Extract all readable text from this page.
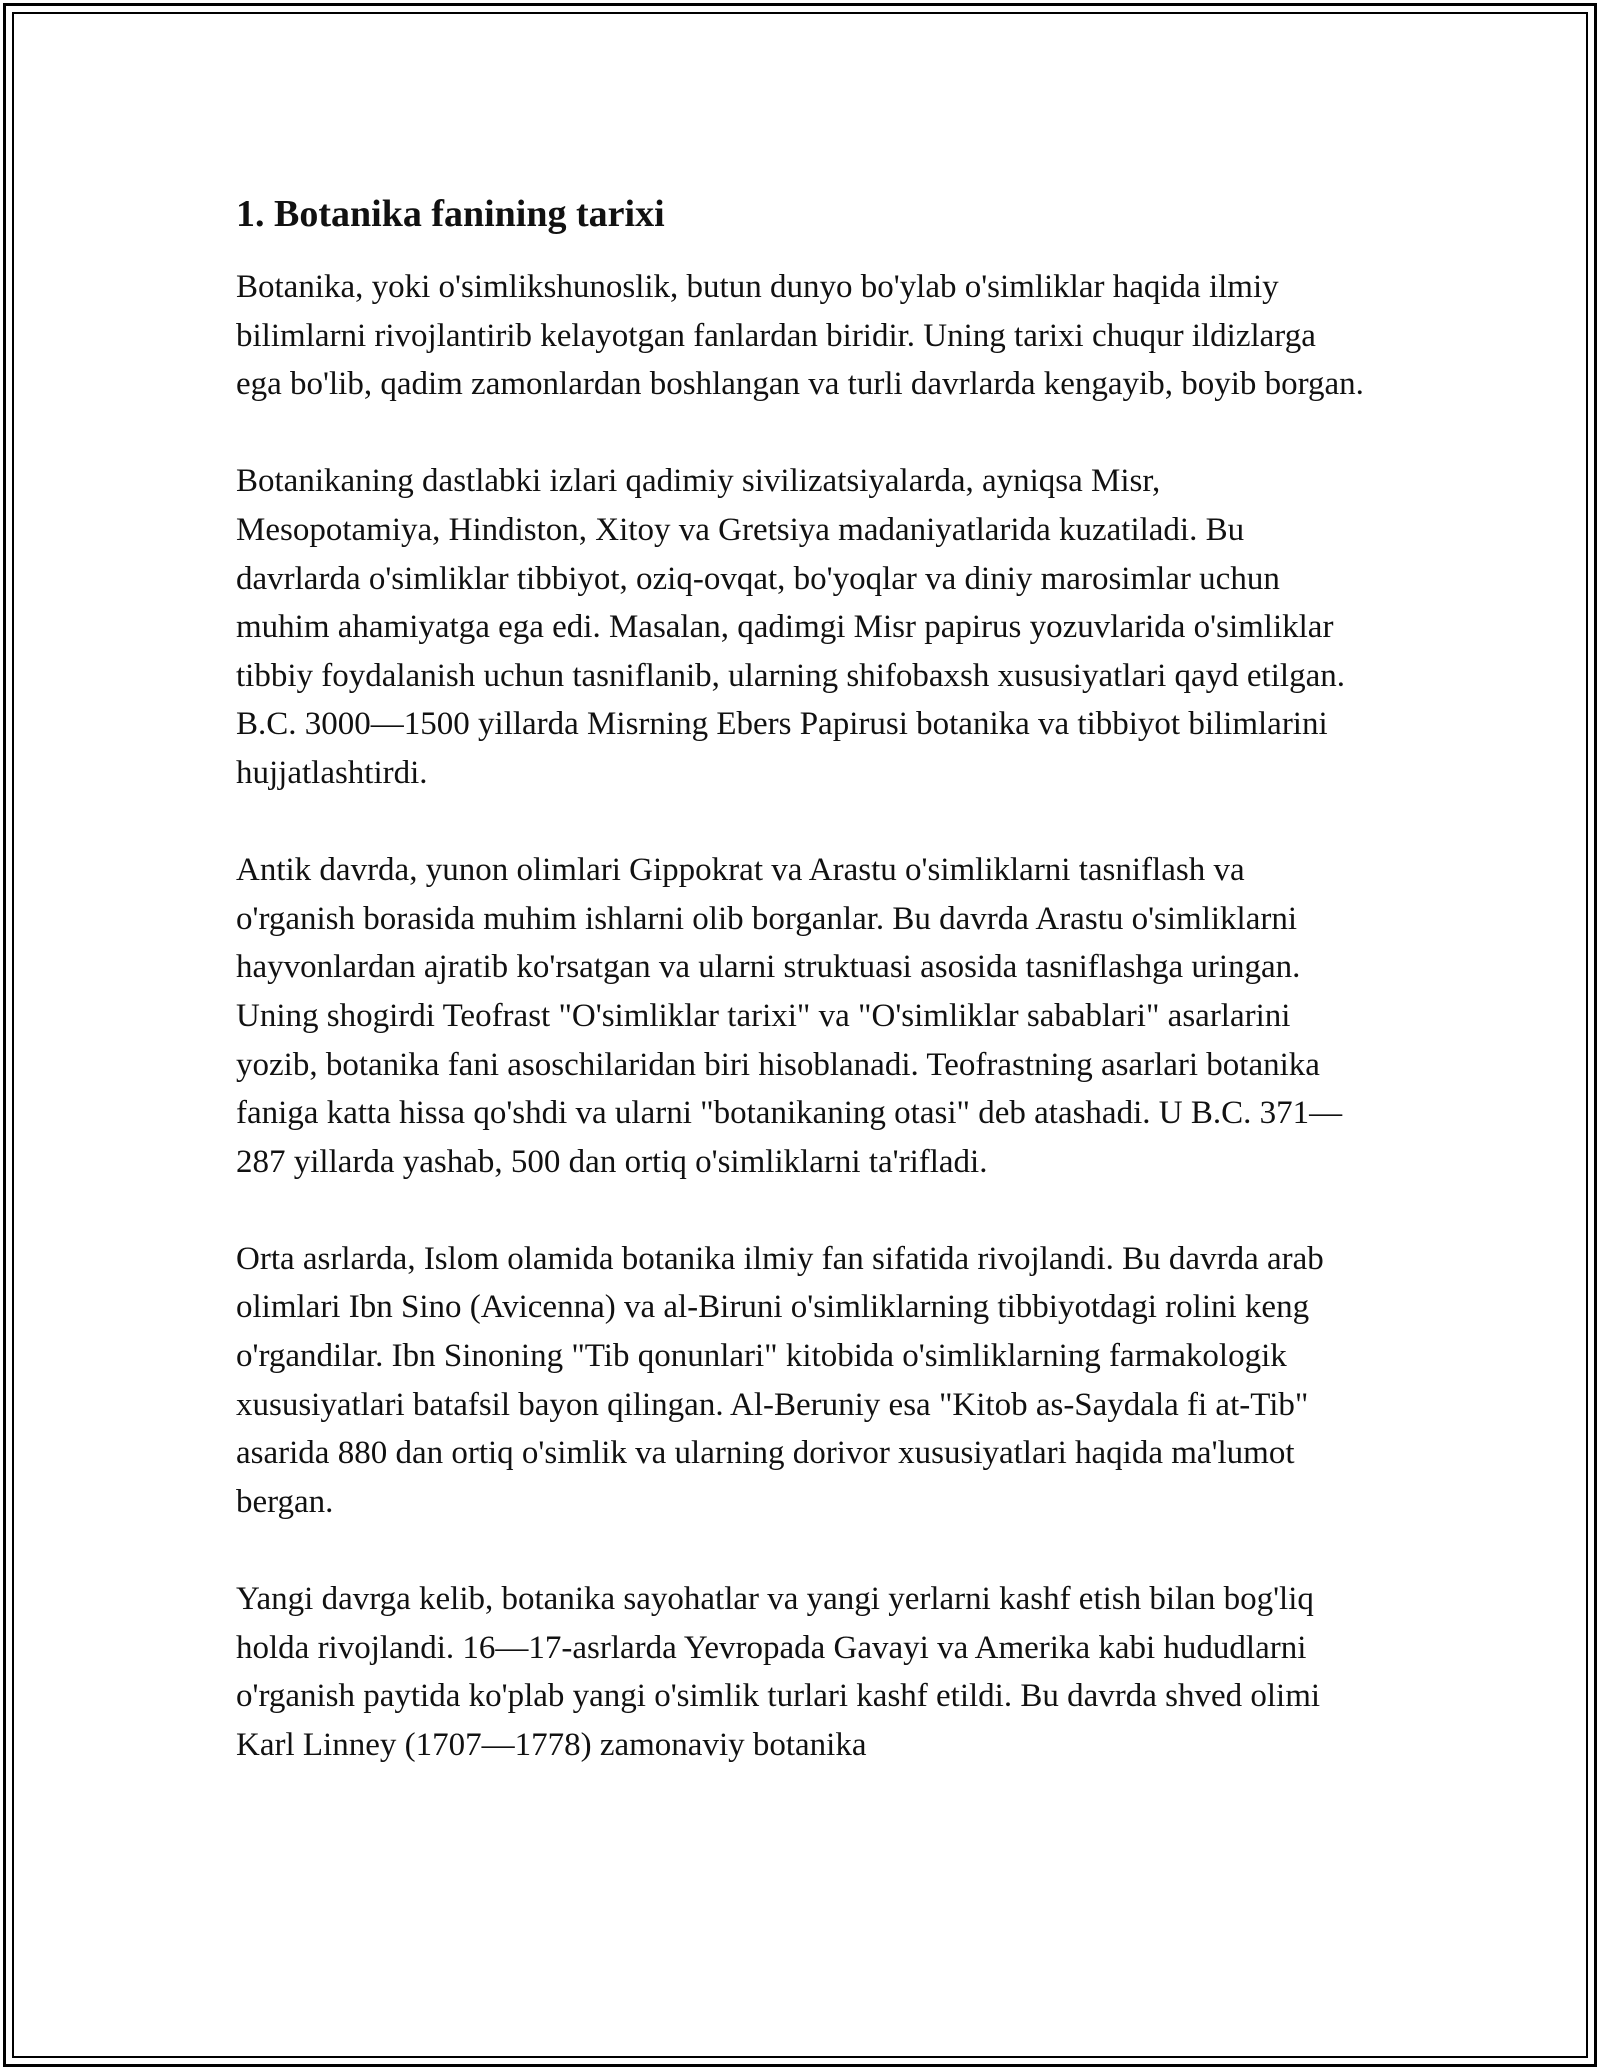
1. Botanika fanining tarixi

Botanika, yoki o'simlikshunoslik, butun dunyo bo'ylab o'simliklar haqida ilmiy bilimlarni rivojlantirib kelayotgan fanlardan biridir. Uning tarixi chuqur ildizlarga ega bo'lib, qadim zamonlardan boshlangan va turli davrlarda kengayib, boyib borgan.

Botanikaning dastlabki izlari qadimiy sivilizatsiyalarda, ayniqsa Misr, Mesopotamiya, Hindiston, Xitoy va Gretsiya madaniyatlarida kuzatiladi. Bu davrlarda o'simliklar tibbiyot, oziq-ovqat, bo'yoqlar va diniy marosimlar uchun muhim ahamiyatga ega edi. Masalan, qadimgi Misr papirus yozuvlarida o'simliklar tibbiy foydalanish uchun tasniflanib, ularning shifobaxsh xususiyatlari qayd etilgan. B.C. 3000—1500 yillarda Misrning Ebers Papirusi botanika va tibbiyot bilimlarini hujjatlashtirdi.

Antik davrda, yunon olimlari Gippokrat va Arastu o'simliklarni tasniflash va o'rganish borasida muhim ishlarni olib borganlar. Bu davrda Arastu o'simliklarni hayvonlardan ajratib ko'rsatgan va ularni struktuasi asosida tasniflashga uringan. Uning shogirdi Teofrast "O'simliklar tarixi" va "O'simliklar sabablari" asarlarini yozib, botanika fani asoschilaridan biri hisoblanadi. Teofrastning asarlari botanika faniga katta hissa qo'shdi va ularni "botanikaning otasi" deb atashadi. U B.C. 371—287 yillarda yashab, 500 dan ortiq o'simliklarni ta'rifladi.

Orta asrlarda, Islom olamida botanika ilmiy fan sifatida rivojlandi. Bu davrda arab olimlari Ibn Sino (Avicenna) va al-Biruni o'simliklarning tibbiyotdagi rolini keng o'rgandilar. Ibn Sinoning "Tib qonunlari" kitobida o'simliklarning farmakologik xususiyatlari batafsil bayon qilingan. Al-Beruniy esa "Kitob as-Saydala fi at-Tib" asarida 880 dan ortiq o'simlik va ularning dorivor xususiyatlari haqida ma'lumot bergan.

Yangi davrga kelib, botanika sayohatlar va yangi yerlarni kashf etish bilan bog'liq holda rivojlandi. 16—17-asrlarda Yevropada Gavayi va Amerika kabi hududlarni o'rganish paytida ko'plab yangi o'simlik turlari kashf etildi. Bu davrda shved olimi Karl Linney (1707—1778) zamonaviy botanika
